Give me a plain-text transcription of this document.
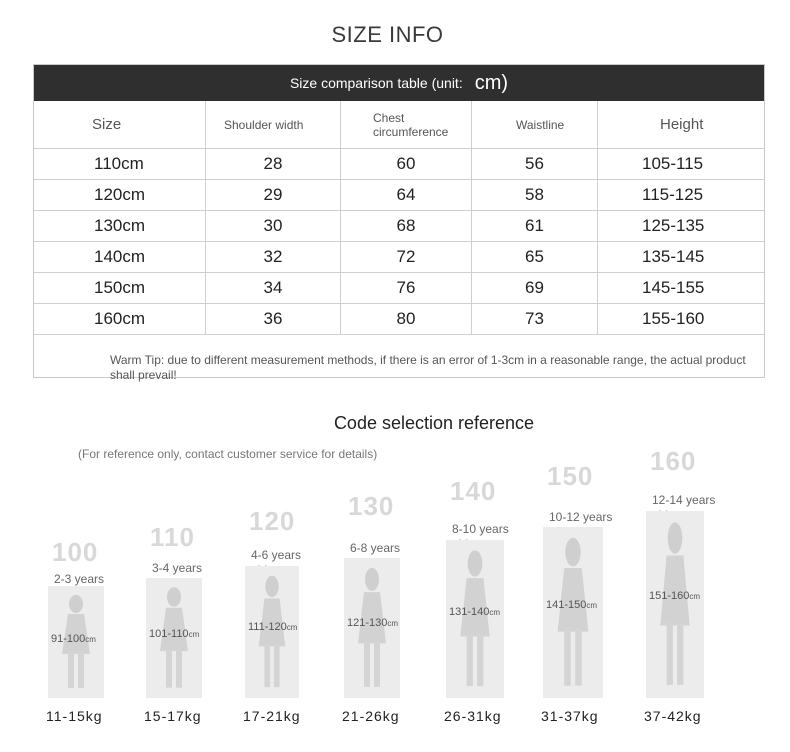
SIZE INFO
Size comparison table (unit: cm)
Size	Shoulder width	Chest circumference	Waistline	Height
110cm	28	60	56	105-115
120cm	29	64	58	115-125
130cm	30	68	61	125-135
140cm	32	72	65	135-145
150cm	34	76	69	145-155
160cm	36	80	73	155-160
Warm Tip: due to different measurement methods, if there is an error of 1-3cm in a reasonable range, the actual product shall prevail!
Code selection reference
(For reference only, contact customer service for details)
100
2-3 years
91-100cm
11-15kg
110
3-4 years
101-110cm
15-17kg
120
4-6 years
111-120cm
17-21kg
130
6-8 years
121-130cm
21-26kg
140
8-10 years
131-140cm
26-31kg
150
10-12 years
141-150cm
31-37kg
160
12-14 years
151-160cm
37-42kg
